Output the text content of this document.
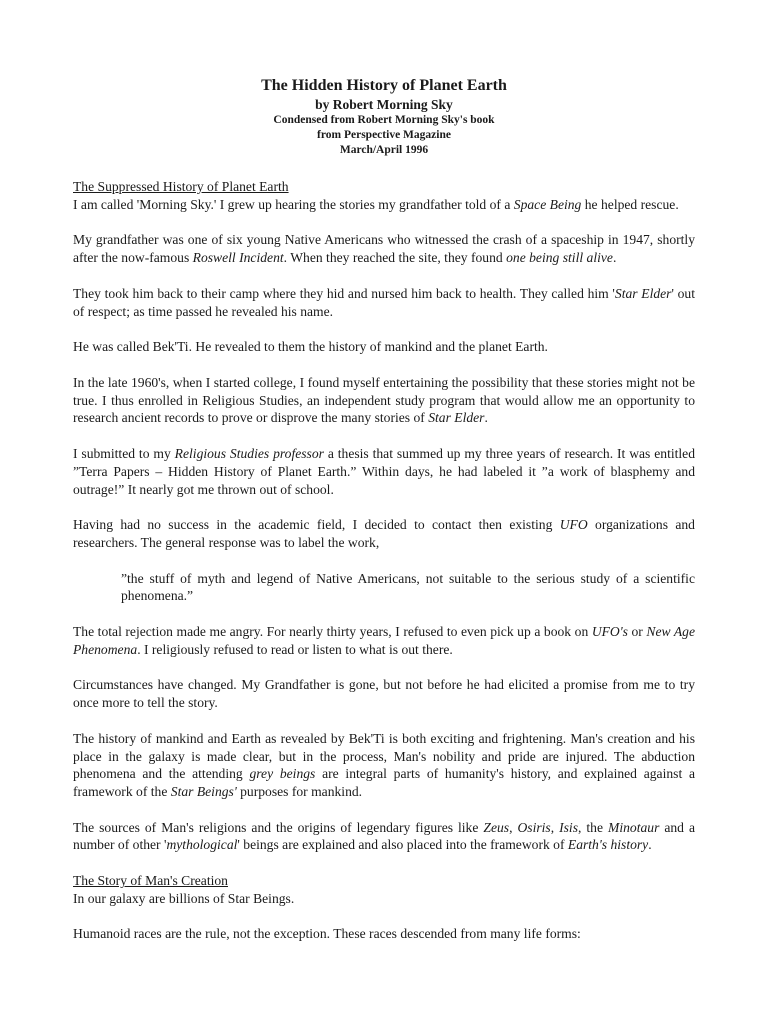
The Hidden History of Planet Earth
by Robert Morning Sky
Condensed from Robert Morning Sky's book
from Perspective Magazine
March/April 1996
The Suppressed History of Planet Earth

I am called 'Morning Sky.' I grew up hearing the stories my grandfather told of a Space Being he helped rescue.

My grandfather was one of six young Native Americans who witnessed the crash of a spaceship in 1947, shortly after the now-famous Roswell Incident. When they reached the site, they found one being still alive.

They took him back to their camp where they hid and nursed him back to health. They called him 'Star Elder' out of respect; as time passed he revealed his name.

He was called Bek'Ti. He revealed to them the history of mankind and the planet Earth.

In the late 1960's, when I started college, I found myself entertaining the possibility that these stories might not be true. I thus enrolled in Religious Studies, an independent study program that would allow me an opportunity to research ancient records to prove or disprove the many stories of Star Elder.

I submitted to my Religious Studies professor a thesis that summed up my three years of research. It was entitled ”Terra Papers – Hidden History of Planet Earth.” Within days, he had labeled it ”a work of blasphemy and outrage!” It nearly got me thrown out of school.

Having had no success in the academic field, I decided to contact then existing UFO organizations and researchers. The general response was to label the work,

”the stuff of myth and legend of Native Americans, not suitable to the serious study of a scientific phenomena.”

The total rejection made me angry. For nearly thirty years, I refused to even pick up a book on UFO's or New Age Phenomena. I religiously refused to read or listen to what is out there.

Circumstances have changed. My Grandfather is gone, but not before he had elicited a promise from me to try once more to tell the story.

The history of mankind and Earth as revealed by Bek'Ti is both exciting and frightening. Man's creation and his place in the galaxy is made clear, but in the process, Man's nobility and pride are injured. The abduction phenomena and the attending grey beings are integral parts of humanity's history, and explained against a framework of the Star Beings' purposes for mankind.

The sources of Man's religions and the origins of legendary figures like Zeus, Osiris, Isis, the Minotaur and a number of other 'mythological' beings are explained and also placed into the framework of Earth's history.

The Story of Man's Creation

In our galaxy are billions of Star Beings.

Humanoid races are the rule, not the exception. These races descended from many life forms:
